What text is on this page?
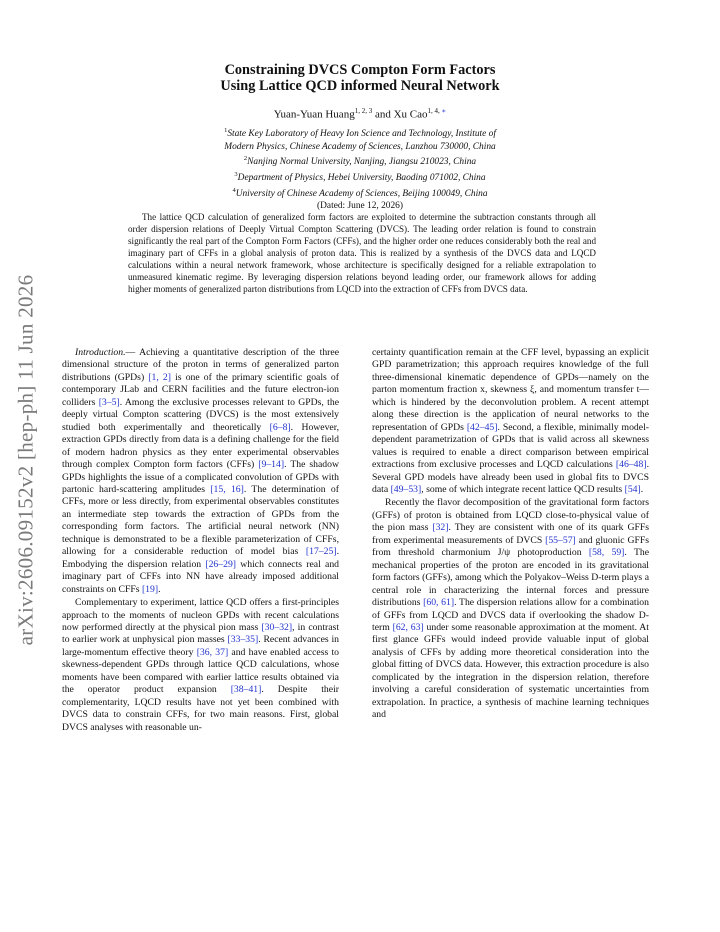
arXiv:2606.09152v2 [hep-ph] 11 Jun 2026
Constraining DVCS Compton Form Factors
Using Lattice QCD informed Neural Network
Yuan-Yuan Huang$^{1, 2, 3}$ and Xu Cao$^{1, 4, ∗}$
$^1$State Key Laboratory of Heavy Ion Science and Technology, Institute of
Modern Physics, Chinese Academy of Sciences, Lanzhou 730000, China
$^2$Nanjing Normal University, Nanjing, Jiangsu 210023, China
$^3$Department of Physics, Hebei University, Baoding 071002, China
$^4$University of Chinese Academy of Sciences, Beijing 100049, China
(Dated: June 12, 2026)
The lattice QCD calculation of generalized form factors are exploited to determine the subtraction constants through all order dispersion relations of Deeply Virtual Compton Scattering (DVCS). The leading order relation is found to constrain significantly the real part of the Compton Form Factors (CFFs), and the higher order one reduces considerably both the real and imaginary part of CFFs in a global analysis of proton data. This is realized by a synthesis of the DVCS data and LQCD calculations within a neural network framework, whose architecture is specifically designed for a reliable extrapolation to unmeasured kinematic regime. By leveraging dispersion relations beyond leading order, our framework allows for adding higher moments of generalized parton distributions from LQCD into the extraction of CFFs from DVCS data.

Introduction.— Achieving a quantitative description of the three dimensional structure of the proton in terms of generalized parton distributions (GPDs) [1, 2] is one of the primary scientific goals of contemporary JLab and CERN facilities and the future electron-ion colliders [3–5]. Among the exclusive processes relevant to GPDs, the deeply virtual Compton scattering (DVCS) is the most extensively studied both experimentally and theoretically [6–8]. However, extraction GPDs directly from data is a defining challenge for the field of modern hadron physics as they enter experimental observables through complex Compton form factors (CFFs) [9–14]. The shadow GPDs highlights the issue of a complicated convolution of GPDs with partonic hard-scattering amplitudes [15, 16]. The determination of CFFs, more or less directly, from experimental observables constitutes an intermediate step towards the extraction of GPDs from the corresponding form factors. The artificial neural network (NN) technique is demonstrated to be a flexible parameterization of CFFs, allowing for a considerable reduction of model bias [17–25]. Embodying the dispersion relation [26–29] which connects real and imaginary part of CFFs into NN have already imposed additional constraints on CFFs [19].

Complementary to experiment, lattice QCD offers a first-principles approach to the moments of nucleon GPDs with recent calculations now performed directly at the physical pion mass [30–32], in contrast to earlier work at unphysical pion masses [33–35]. Recent advances in large-momentum effective theory [36, 37] and have enabled access to skewness-dependent GPDs through lattice QCD calculations, whose moments have been compared with earlier lattice results obtained via the operator product expansion [38–41]. Despite their complementarity, LQCD results have not yet been combined with DVCS data to constrain CFFs, for two main reasons. First, global DVCS analyses with reasonable un-

certainty quantification remain at the CFF level, bypassing an explicit GPD parametrization; this approach requires knowledge of the full three-dimensional kinematic dependence of GPDs—namely on the parton momentum fraction x, skewness ξ, and momentum transfer t—which is hindered by the deconvolution problem. A recent attempt along these direction is the application of neural networks to the representation of GPDs [42–45]. Second, a flexible, minimally model-dependent parametrization of GPDs that is valid across all skewness values is required to enable a direct comparison between empirical extractions from exclusive processes and LQCD calculations [46–48]. Several GPD models have already been used in global fits to DVCS data [49–53], some of which integrate recent lattice QCD results [54].

Recently the flavor decomposition of the gravitational form factors (GFFs) of proton is obtained from LQCD close-to-physical value of the pion mass [32]. They are consistent with one of its quark GFFs from experimental measurements of DVCS [55–57] and gluonic GFFs from threshold charmonium J/ψ photoproduction [58, 59]. The mechanical properties of the proton are encoded in its gravitational form factors (GFFs), among which the Polyakov–Weiss D-term plays a central role in characterizing the internal forces and pressure distributions [60, 61]. The dispersion relations allow for a combination of GFFs from LQCD and DVCS data if overlooking the shadow D-term [62, 63] under some reasonable approximation at the moment. At first glance GFFs would indeed provide valuable input of global analysis of CFFs by adding more theoretical consideration into the global fitting of DVCS data. However, this extraction procedure is also complicated by the integration in the dispersion relation, therefore involving a careful consideration of systematic uncertainties from extrapolation. In practice, a synthesis of machine learning techniques and
